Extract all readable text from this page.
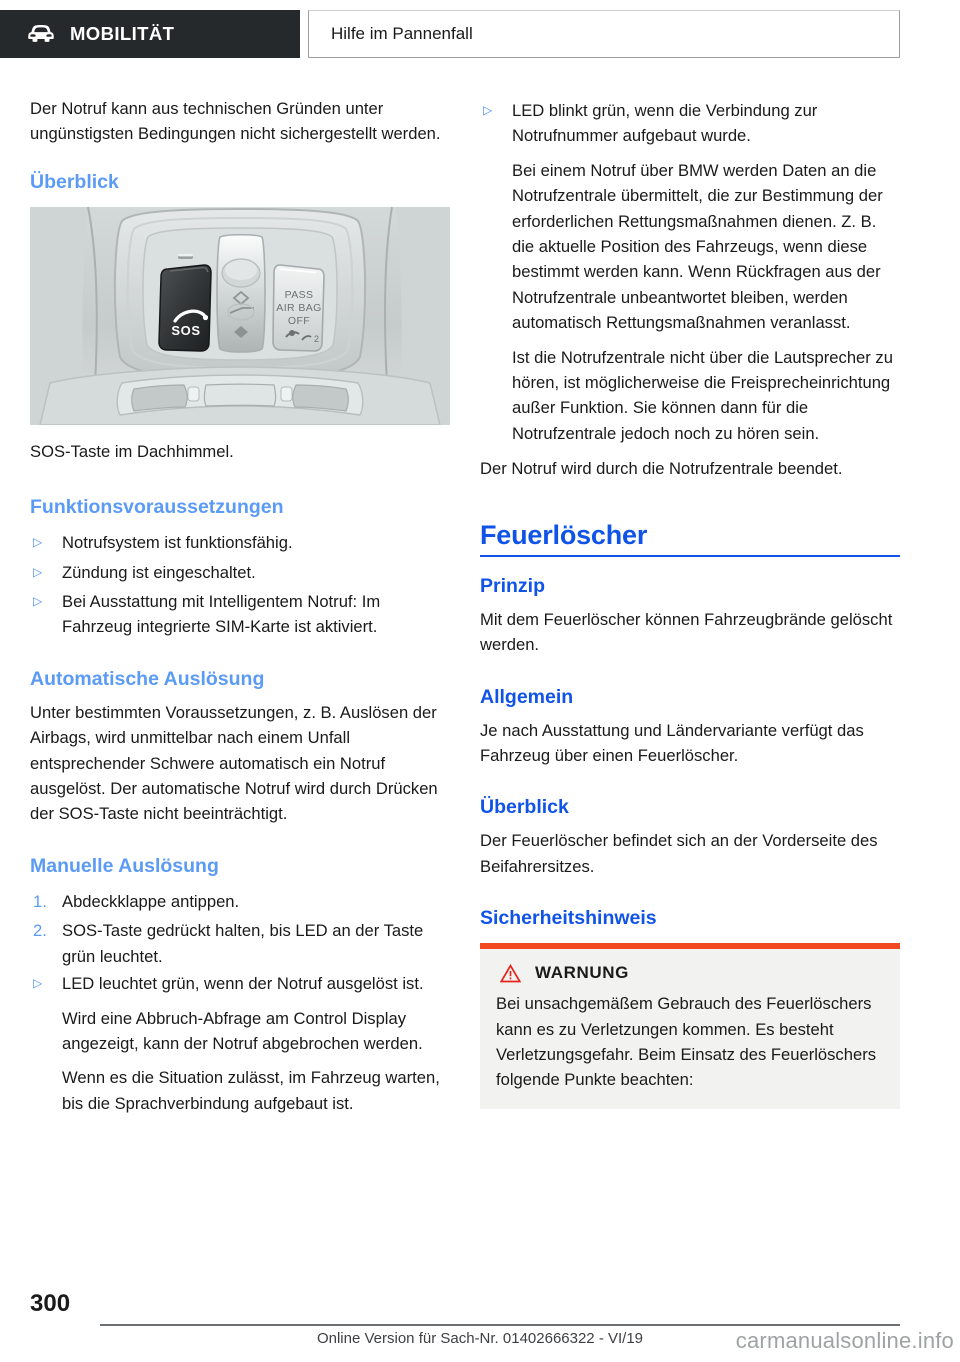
MOBILITÄT	Hilfe im Pannenfall

Der Notruf kann aus technischen Gründen unter ungünstigsten Bedingungen nicht sichergestellt werden.

Überblick
SOS
PASS
AIR BAG
OFF
2
SOS-Taste im Dachhimmel.
Funktionsvoraussetzungen
▷	Notrufsystem ist funktionsfähig.
▷	Zündung ist eingeschaltet.
▷	Bei Ausstattung mit Intelligentem Notruf: Im Fahrzeug integrierte SIM-Karte ist aktiviert.
Automatische Auslösung

Unter bestimmten Voraussetzungen, z. B. Auslösen der Airbags, wird unmittelbar nach einem Unfall entsprechender Schwere automatisch ein Notruf ausgelöst. Der automatische Notruf wird durch Drücken der SOS-Taste nicht beeinträchtigt.

Manuelle Auslösung
1. Abdeckklappe antippen.
2. SOS-Taste gedrückt halten, bis LED an der Taste grün leuchtet.
▷	LED leuchtet grün, wenn der Notruf ausgelöst ist.
Wird eine Abbruch-Abfrage am Control Display angezeigt, kann der Notruf abgebrochen werden.
Wenn es die Situation zulässt, im Fahrzeug warten, bis die Sprachverbindung aufgebaut ist.
▷	LED blinkt grün, wenn die Verbindung zur Notrufnummer aufgebaut wurde.
Bei einem Notruf über BMW werden Daten an die Notrufzentrale übermittelt, die zur Bestimmung der erforderlichen Rettungsmaßnahmen dienen. Z. B. die aktuelle Position des Fahrzeugs, wenn diese bestimmt werden kann. Wenn Rückfragen aus der Notrufzentrale unbeantwortet bleiben, werden automatisch Rettungsmaßnahmen veranlasst.
Ist die Notrufzentrale nicht über die Lautsprecher zu hören, ist möglicherweise die Freisprecheinrichtung außer Funktion. Sie können dann für die Notrufzentrale jedoch noch zu hören sein.

Der Notruf wird durch die Notrufzentrale beendet.

Feuerlöscher
Prinzip

Mit dem Feuerlöscher können Fahrzeugbrände gelöscht werden.

Allgemein

Je nach Ausstattung und Ländervariante verfügt das Fahrzeug über einen Feuerlöscher.

Überblick

Der Feuerlöscher befindet sich an der Vorderseite des Beifahrersitzes.

Sicherheitshinweis
WARNUNG
Bei unsachgemäßem Gebrauch des Feuerlöschers kann es zu Verletzungen kommen. Es besteht Verletzungsgefahr. Beim Einsatz des Feuerlöschers folgende Punkte beachten:
300
Online Version für Sach-Nr. 01402666322 - VI/19	carmanualsonline.info
